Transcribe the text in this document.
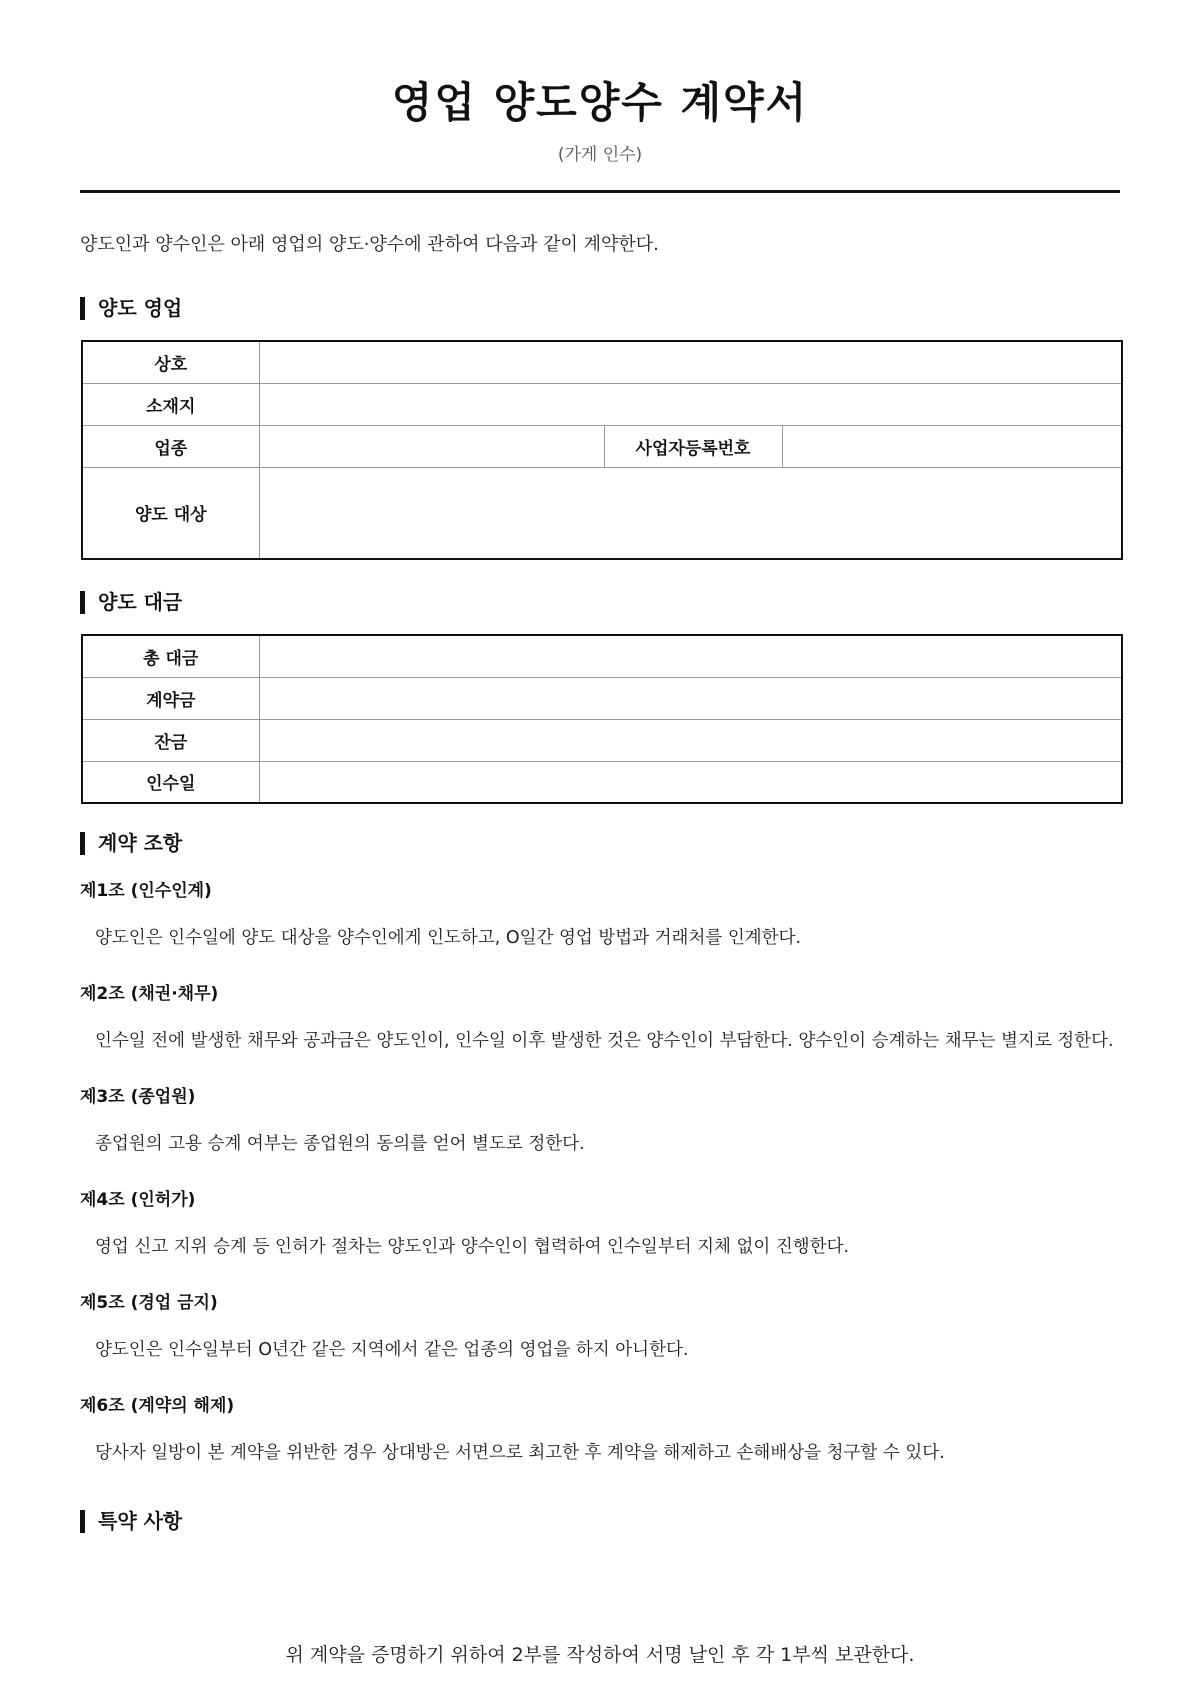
영업 양도양수 계약서
(가게 인수)
양도인과 양수인은 아래 영업의 양도·양수에 관하여 다음과 같이 계약한다.
양도 영업
상호			
소재지			
업종		사업자등록번호	
양도 대상			
양도 대금
총 대금	
계약금	
잔금	
인수일	
계약 조항
제1조 (인수인계)
양도인은 인수일에 양도 대상을 양수인에게 인도하고, O일간 영업 방법과 거래처를 인계한다.
제2조 (채권·채무)
인수일 전에 발생한 채무와 공과금은 양도인이, 인수일 이후 발생한 것은 양수인이 부담한다. 양수인이 승계하는 채무는 별지로 정한다.
제3조 (종업원)
종업원의 고용 승계 여부는 종업원의 동의를 얻어 별도로 정한다.
제4조 (인허가)
영업 신고 지위 승계 등 인허가 절차는 양도인과 양수인이 협력하여 인수일부터 지체 없이 진행한다.
제5조 (경업 금지)
양도인은 인수일부터 O년간 같은 지역에서 같은 업종의 영업을 하지 아니한다.
제6조 (계약의 해제)
당사자 일방이 본 계약을 위반한 경우 상대방은 서면으로 최고한 후 계약을 해제하고 손해배상을 청구할 수 있다.
특약 사항
위 계약을 증명하기 위하여 2부를 작성하여 서명 날인 후 각 1부씩 보관한다.
